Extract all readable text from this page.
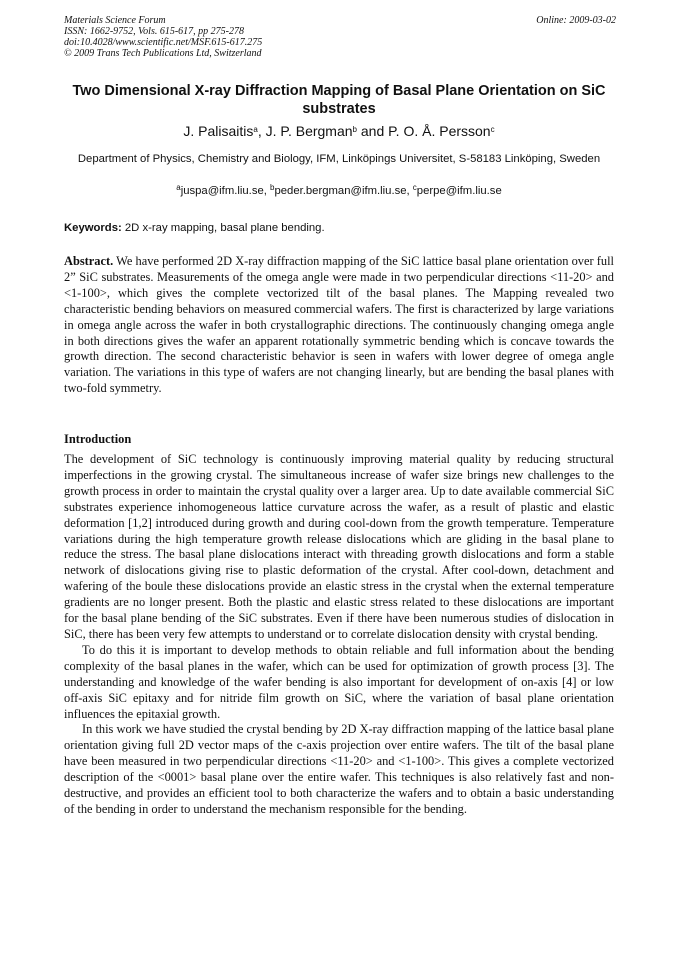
Materials Science Forum
ISSN: 1662-9752, Vols. 615-617, pp 275-278
doi:10.4028/www.scientific.net/MSF.615-617.275
© 2009 Trans Tech Publications Ltd, Switzerland
Online: 2009-03-02
Two Dimensional X-ray Diffraction Mapping of Basal Plane Orientation on SiC substrates
J. Palisaitis$^a$, J. P. Bergman$^b$ and P. O. Å. Persson$^c$
Department of Physics, Chemistry and Biology, IFM, Linköpings Universitet, S-58183 Linköping, Sweden
$^a$juspa@ifm.liu.se, $^b$peder.bergman@ifm.liu.se, $^c$perpe@ifm.liu.se
Keywords: 2D x-ray mapping, basal plane bending.
Abstract. We have performed 2D X-ray diffraction mapping of the SiC lattice basal plane orientation over full 2” SiC substrates. Measurements of the omega angle were made in two perpendicular directions <11-20> and <1-100>, which gives the complete vectorized tilt of the basal planes. The Mapping revealed two characteristic bending behaviors on measured commercial wafers. The first is characterized by large variations in omega angle across the wafer in both crystallographic directions. The continuously changing omega angle in both directions gives the wafer an apparent rotationally symmetric bending which is concave towards the growth direction. The second characteristic behavior is seen in wafers with lower degree of omega angle variation. The variations in this type of wafers are not changing linearly, but are bending the basal planes with two-fold symmetry.
Introduction

The development of SiC technology is continuously improving material quality by reducing structural imperfections in the growing crystal. The simultaneous increase of wafer size brings new challenges to the growth process in order to maintain the crystal quality over a larger area. Up to date available commercial SiC substrates experience inhomogeneous lattice curvature across the wafer, as a result of plastic and elastic deformation [1,2] introduced during growth and during cool-down from the growth temperature. Temperature variations during the high temperature growth release dislocations which are gliding in the basal plane to reduce the stress. The basal plane dislocations interact with threading growth dislocations and form a stable network of dislocations giving rise to plastic deformation of the crystal. After cool-down, detachment and wafering of the boule these dislocations provide an elastic stress in the crystal when the external temperature gradients are no longer present. Both the plastic and elastic stress related to these dislocations are important for the basal plane bending of the SiC substrates. Even if there have been numerous studies of dislocation in SiC, there has been very few attempts to understand or to correlate dislocation density with crystal bending.

To do this it is important to develop methods to obtain reliable and full information about the bending complexity of the basal planes in the wafer, which can be used for optimization of growth process [3]. The understanding and knowledge of the wafer bending is also important for development of on-axis [4] or low off-axis SiC epitaxy and for nitride film growth on SiC, where the variation of basal plane orientation influences the epitaxial growth.

In this work we have studied the crystal bending by 2D X-ray diffraction mapping of the lattice basal plane orientation giving full 2D vector maps of the c-axis projection over entire wafers. The tilt of the basal plane have been measured in two perpendicular directions <11-20> and <1-100>. This gives a complete vectorized description of the <0001> basal plane over the entire wafer. This techniques is also relatively fast and non-destructive, and provides an efficient tool to both characterize the wafers and to obtain a basic understanding of the bending in order to understand the mechanism responsible for the bending.
